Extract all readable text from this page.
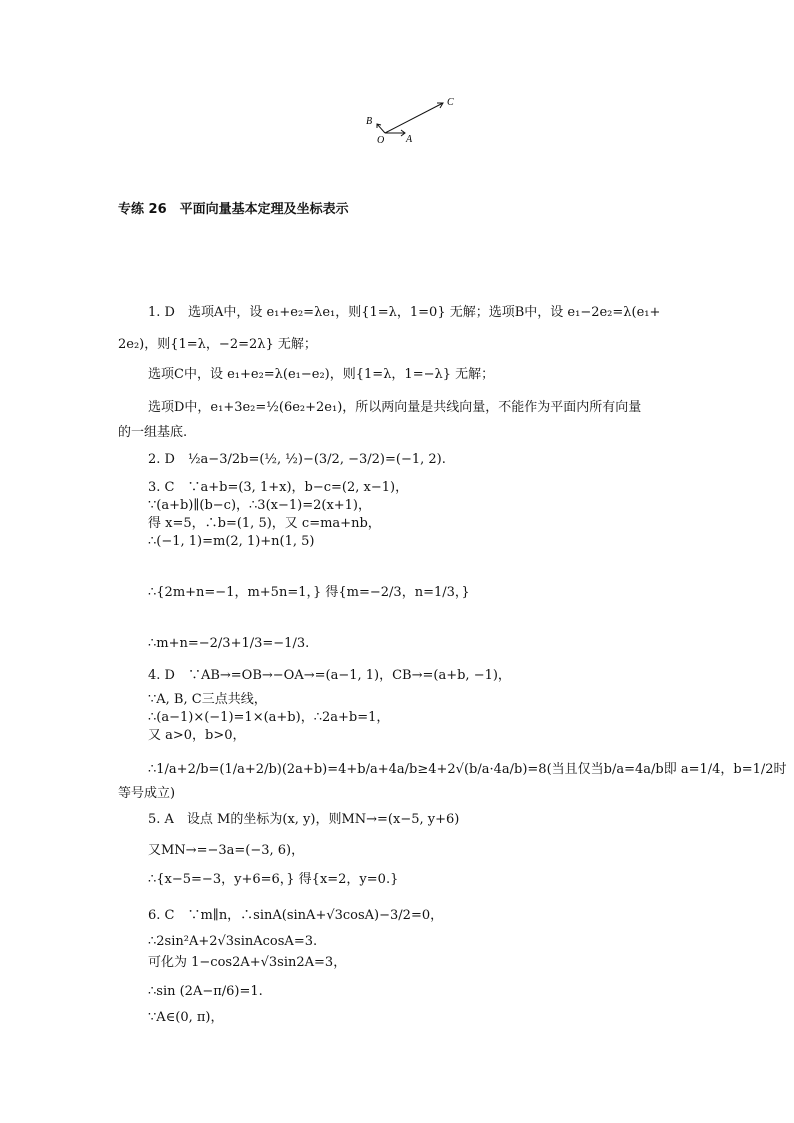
B
O A
C
专练 26　平面向量基本定理及坐标表示
1. D　选项A中，设 e₁+e₂=λe₁，则{1=λ，1=0} 无解；选项B中，设 e₁−2e₂=λ(e₁+
2e₂)，则{1=λ，−2=2λ} 无解；
选项C中，设 e₁+e₂=λ(e₁−e₂)，则{1=λ，1=−λ} 无解；
选项D中，e₁+3e₂=½(6e₂+2e₁)，所以两向量是共线向量，不能作为平面内所有向量
的一组基底.
2. D　½a−3/2b=(½, ½)−(3/2, −3/2)=(−1, 2).
3. C　∵a+b=(3, 1+x)，b−c=(2, x−1)，
∵(a+b)∥(b−c)，∴3(x−1)=2(x+1)，
得 x=5，∴b=(1, 5)，又 c=ma+nb，
∴(−1, 1)=m(2, 1)+n(1, 5)
∴{2m+n=−1，m+5n=1，} 得{m=−2/3，n=1/3，}
∴m+n=−2/3+1/3=−1/3.
4. D　∵AB→=OB→−OA→=(a−1, 1)，CB→=(a+b, −1)，
∵A, B, C三点共线，
∴(a−1)×(−1)=1×(a+b)，∴2a+b=1，
又 a>0，b>0，
∴1/a+2/b=(1/a+2/b)(2a+b)=4+b/a+4a/b≥4+2√(b/a·4a/b)=8(当且仅当b/a=4a/b即 a=1/4，b=1/2时
等号成立)
5. A　设点 M的坐标为(x, y)，则MN→=(x−5, y+6)
又MN→=−3a=(−3, 6)，
∴{x−5=−3，y+6=6，} 得{x=2，y=0.}
6. C　∵m∥n，∴sinA(sinA+√3cosA)−3/2=0，
∴2sin²A+2√3sinAcosA=3.
可化为 1−cos2A+√3sin2A=3，
∴sin (2A−π/6)=1.
∵A∈(0, π)，
